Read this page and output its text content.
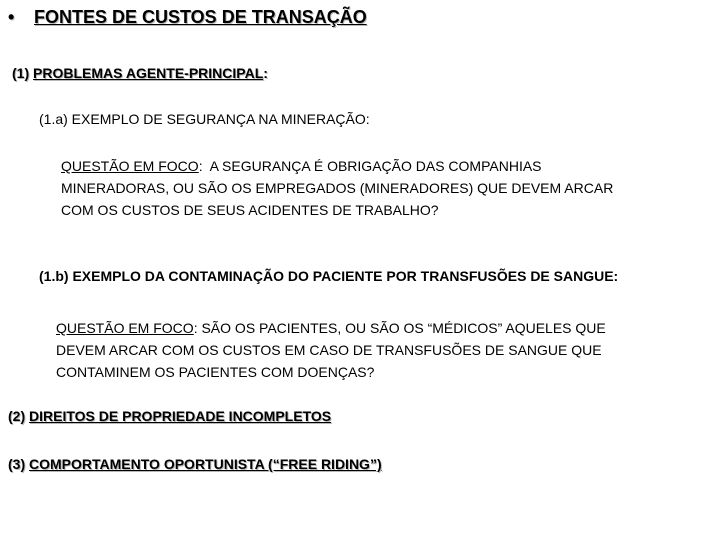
• FONTES DE CUSTOS DE TRANSAÇÃO
(1) PROBLEMAS AGENTE-PRINCIPAL:
(1.a) EXEMPLO DE SEGURANÇA NA MINERAÇÃO:
QUESTÃO EM FOCO: A SEGURANÇA É OBRIGAÇÃO DAS COMPANHIAS
MINERADORAS, OU SÃO OS EMPREGADOS (MINERADORES) QUE DEVEM ARCAR
COM OS CUSTOS DE SEUS ACIDENTES DE TRABALHO?
(1.b) EXEMPLO DA CONTAMINAÇÃO DO PACIENTE POR TRANSFUSÕES DE SANGUE:
QUESTÃO EM FOCO: SÃO OS PACIENTES, OU SÃO OS “MÉDICOS” AQUELES QUE
DEVEM ARCAR COM OS CUSTOS EM CASO DE TRANSFUSÕES DE SANGUE QUE
CONTAMINEM OS PACIENTES COM DOENÇAS?
(2) DIREITOS DE PROPRIEDADE INCOMPLETOS
(3) COMPORTAMENTO OPORTUNISTA (“FREE RIDING”)
